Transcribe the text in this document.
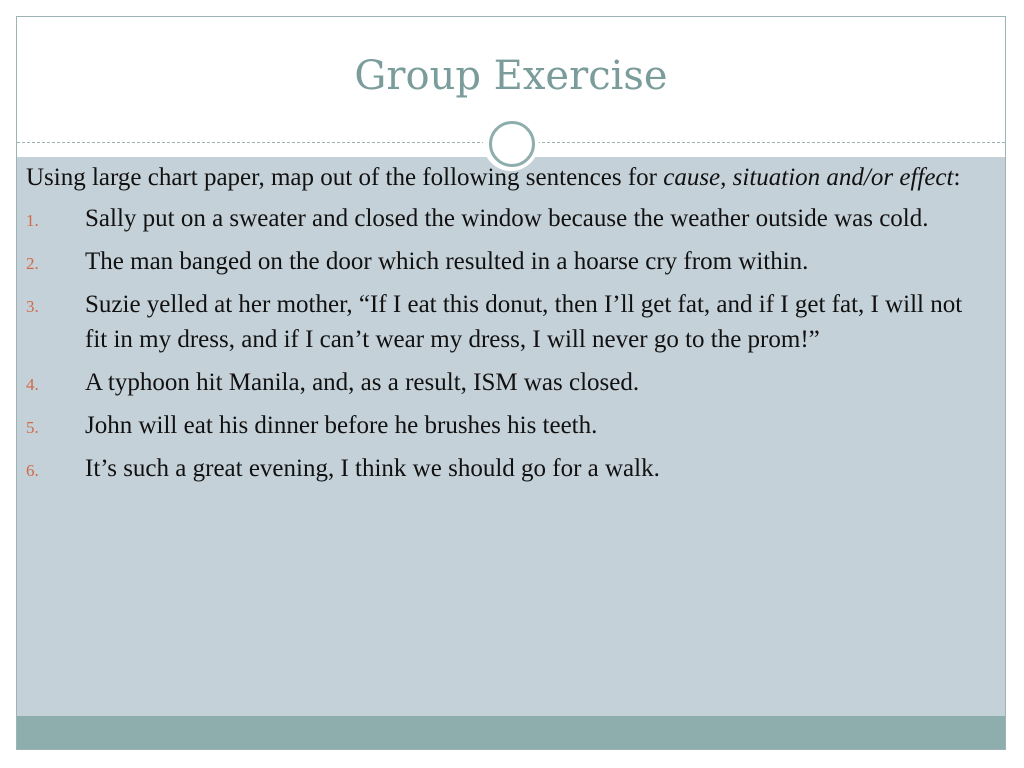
Group Exercise

Using large chart paper, map out of the following sentences for cause, situation and/or effect:

1. Sally put on a sweater and closed the window because the weather outside was cold.
2. The man banged on the door which resulted in a hoarse cry from within.
3. Suzie yelled at her mother, “If I eat this donut, then I’ll get fat, and if I get fat, I will not fit in my dress, and if I can’t wear my dress, I will never go to the prom!”
4. A typhoon hit Manila, and, as a result, ISM was closed.
5. John will eat his dinner before he brushes his teeth.
6. It’s such a great evening, I think we should go for a walk.
